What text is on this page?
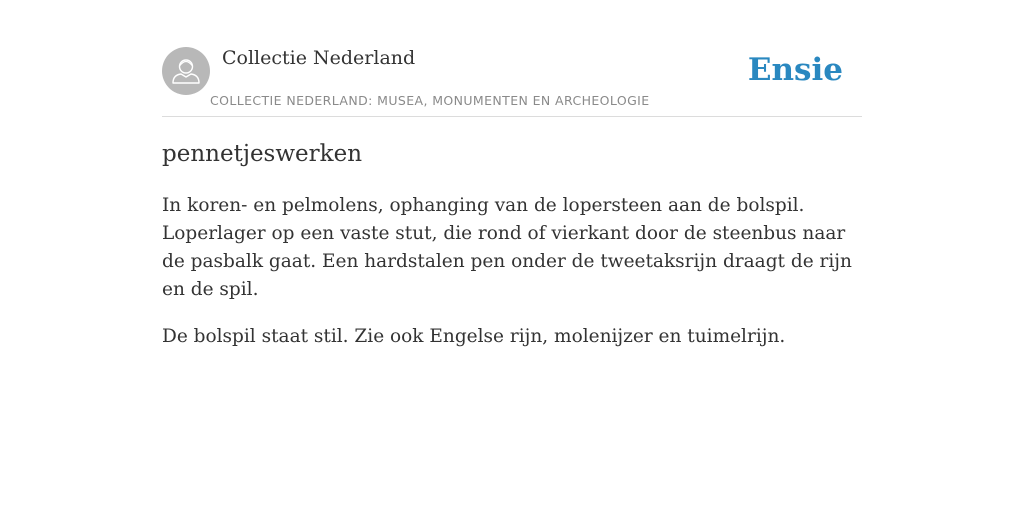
Collectie Nederland
COLLECTIE NEDERLAND: MUSEA, MONUMENTEN EN ARCHEOLOGIE
Ensie
pennetjeswerken

In koren- en pelmolens, ophanging van de lopersteen aan de bolspil. Loperlager op een vaste stut, die rond of vierkant door de steenbus naar de pasbalk gaat. Een hardstalen pen onder de tweetaksrijn draagt de rijn en de spil.

De bolspil staat stil. Zie ook Engelse rijn, molenijzer en tuimelrijn.
